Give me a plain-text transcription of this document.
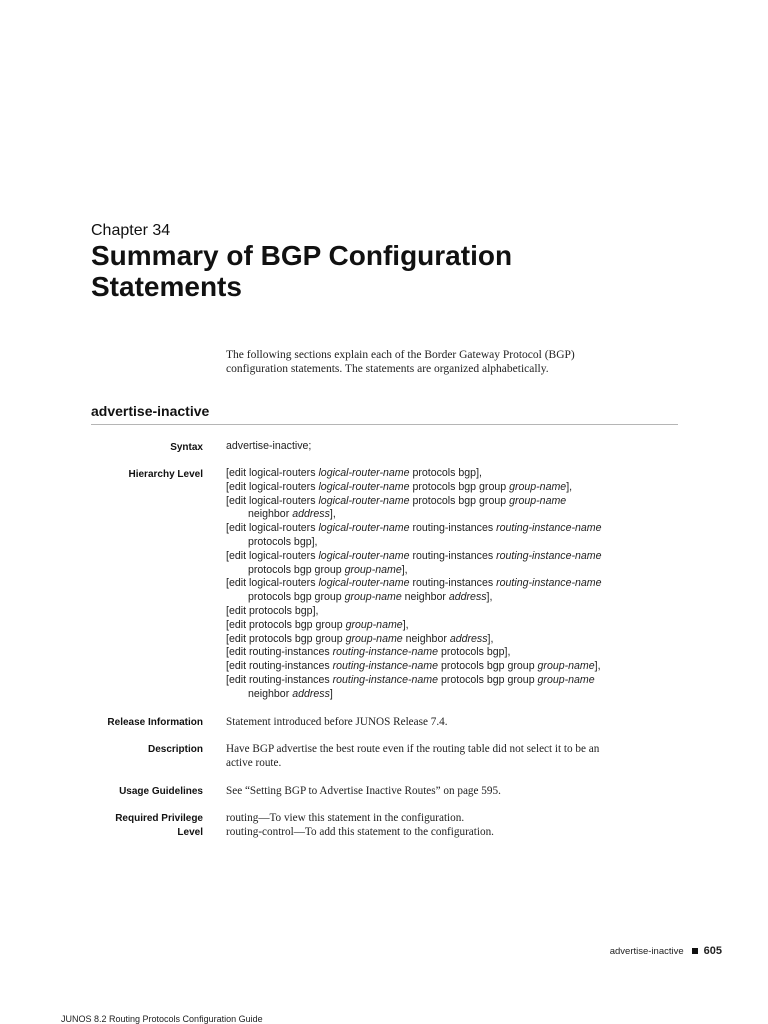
Chapter 34
Summary of BGP Configuration
Statements
The following sections explain each of the Border Gateway Protocol (BGP)
configuration statements. The statements are organized alphabetically.
advertise-inactive
Syntax advertise-inactive;
Hierarchy Level [edit logical-routers logical-router-name protocols bgp],
[edit logical-routers logical-router-name protocols bgp group group-name],
[edit logical-routers logical-router-name protocols bgp group group-name
neighbor address],
[edit logical-routers logical-router-name routing-instances routing-instance-name
protocols bgp],
[edit logical-routers logical-router-name routing-instances routing-instance-name
protocols bgp group group-name],
[edit logical-routers logical-router-name routing-instances routing-instance-name
protocols bgp group group-name neighbor address],
[edit protocols bgp],
[edit protocols bgp group group-name],
[edit protocols bgp group group-name neighbor address],
[edit routing-instances routing-instance-name protocols bgp],
[edit routing-instances routing-instance-name protocols bgp group group-name],
[edit routing-instances routing-instance-name protocols bgp group group-name
neighbor address]
Release Information Statement introduced before JUNOS Release 7.4.
Description Have BGP advertise the best route even if the routing table did not select it to be an
active route.
Usage Guidelines See “Setting BGP to Advertise Inactive Routes” on page 595.
Required Privilege
Level
routing—To view this statement in the configuration.
routing-control—To add this statement to the configuration.
advertise-inactive 605
JUNOS 8.2 Routing Protocols Configuration Guide
